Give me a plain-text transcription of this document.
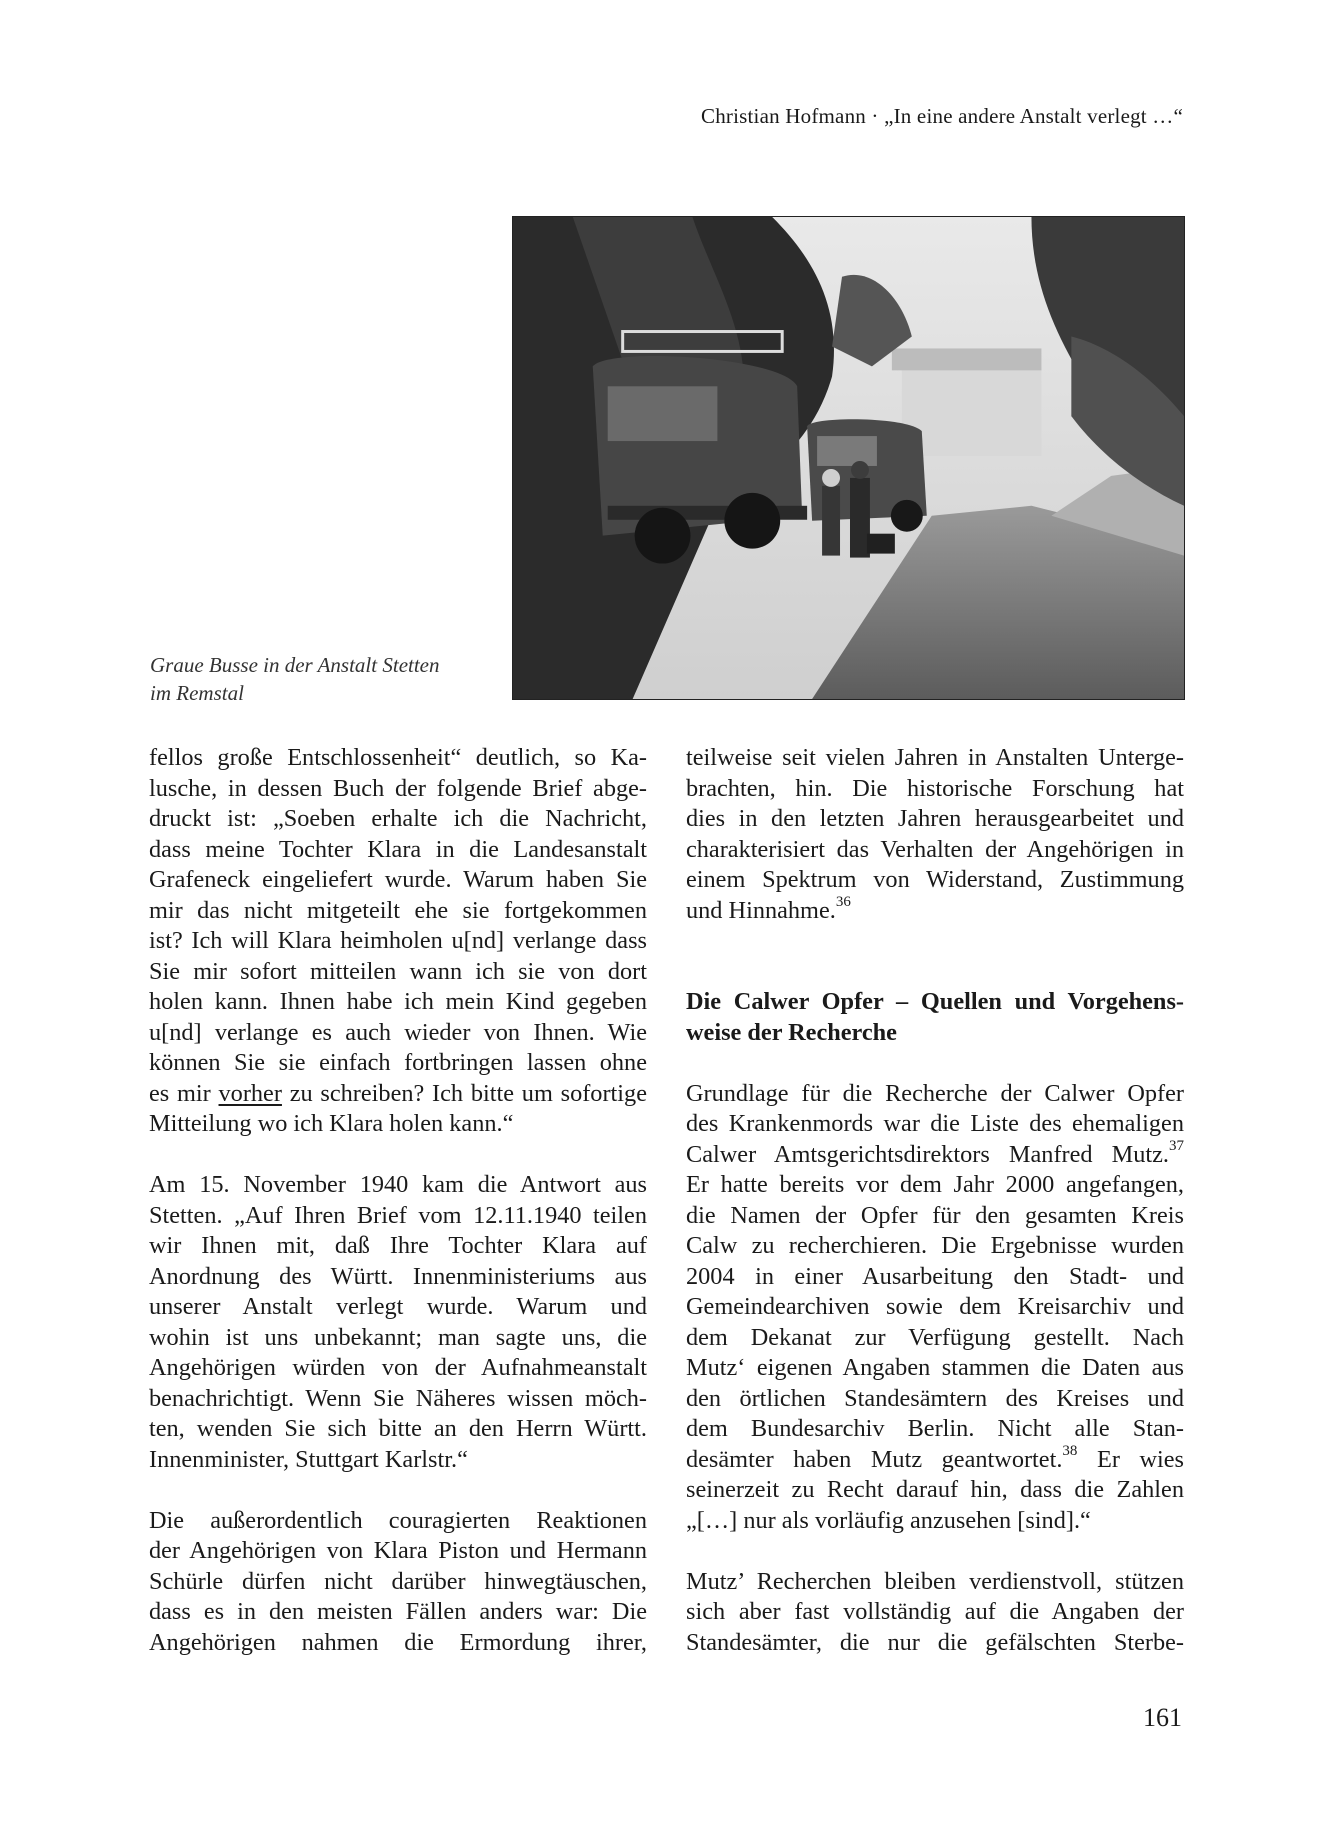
Christian Hofmann · „In eine andere Anstalt verlegt …“
Graue Busse in der Anstalt Stetten
im Remstal
fellos große Entschlossenheit“ deutlich, so Ka-
lusche, in dessen Buch der folgende Brief abge-
druckt ist: „Soeben erhalte ich die Nachricht,
dass meine Tochter Klara in die Landesanstalt
Grafeneck eingeliefert wurde. Warum haben Sie
mir das nicht mitgeteilt ehe sie fortgekommen
ist? Ich will Klara heimholen u[nd] verlange dass
Sie mir sofort mitteilen wann ich sie von dort
holen kann. Ihnen habe ich mein Kind gegeben
u[nd] verlange es auch wieder von Ihnen. Wie
können Sie sie einfach fortbringen lassen ohne
es mir vorher zu schreiben? Ich bitte um sofortige
Mitteilung wo ich Klara holen kann.“
Am 15. November 1940 kam die Antwort aus
Stetten. „Auf Ihren Brief vom 12.11.1940 teilen
wir Ihnen mit, daß Ihre Tochter Klara auf
Anordnung des Württ. Innenministeriums aus
unserer Anstalt verlegt wurde. Warum und
wohin ist uns unbekannt; man sagte uns, die
Angehörigen würden von der Aufnahmeanstalt
benachrichtigt. Wenn Sie Näheres wissen möch-
ten, wenden Sie sich bitte an den Herrn Württ.
Innenminister, Stuttgart Karlstr.“
Die außerordentlich couragierten Reaktionen
der Angehörigen von Klara Piston und Hermann
Schürle dürfen nicht darüber hinwegtäuschen,
dass es in den meisten Fällen anders war: Die
Angehörigen nahmen die Ermordung ihrer,
teilweise seit vielen Jahren in Anstalten Unterge-
brachten, hin. Die historische Forschung hat
dies in den letzten Jahren herausgearbeitet und
charakterisiert das Verhalten der Angehörigen in
einem Spektrum von Widerstand, Zustimmung
und Hinnahme.$^{36}$
Die Calwer Opfer – Quellen und Vorgehens-
weise der Recherche
Grundlage für die Recherche der Calwer Opfer
des Krankenmords war die Liste des ehemaligen
Calwer Amtsgerichtsdirektors Manfred Mutz.$^{37}$
Er hatte bereits vor dem Jahr 2000 angefangen,
die Namen der Opfer für den gesamten Kreis
Calw zu recherchieren. Die Ergebnisse wurden
2004 in einer Ausarbeitung den Stadt- und
Gemeindearchiven sowie dem Kreisarchiv und
dem Dekanat zur Verfügung gestellt. Nach
Mutz‘ eigenen Angaben stammen die Daten aus
den örtlichen Standesämtern des Kreises und
dem Bundesarchiv Berlin. Nicht alle Stan-
desämter haben Mutz geantwortet.$^{38}$ Er wies
seinerzeit zu Recht darauf hin, dass die Zahlen
„[…] nur als vorläufig anzusehen [sind].“
Mutz’ Recherchen bleiben verdienstvoll, stützen
sich aber fast vollständig auf die Angaben der
Standesämter, die nur die gefälschten Sterbe-
161
